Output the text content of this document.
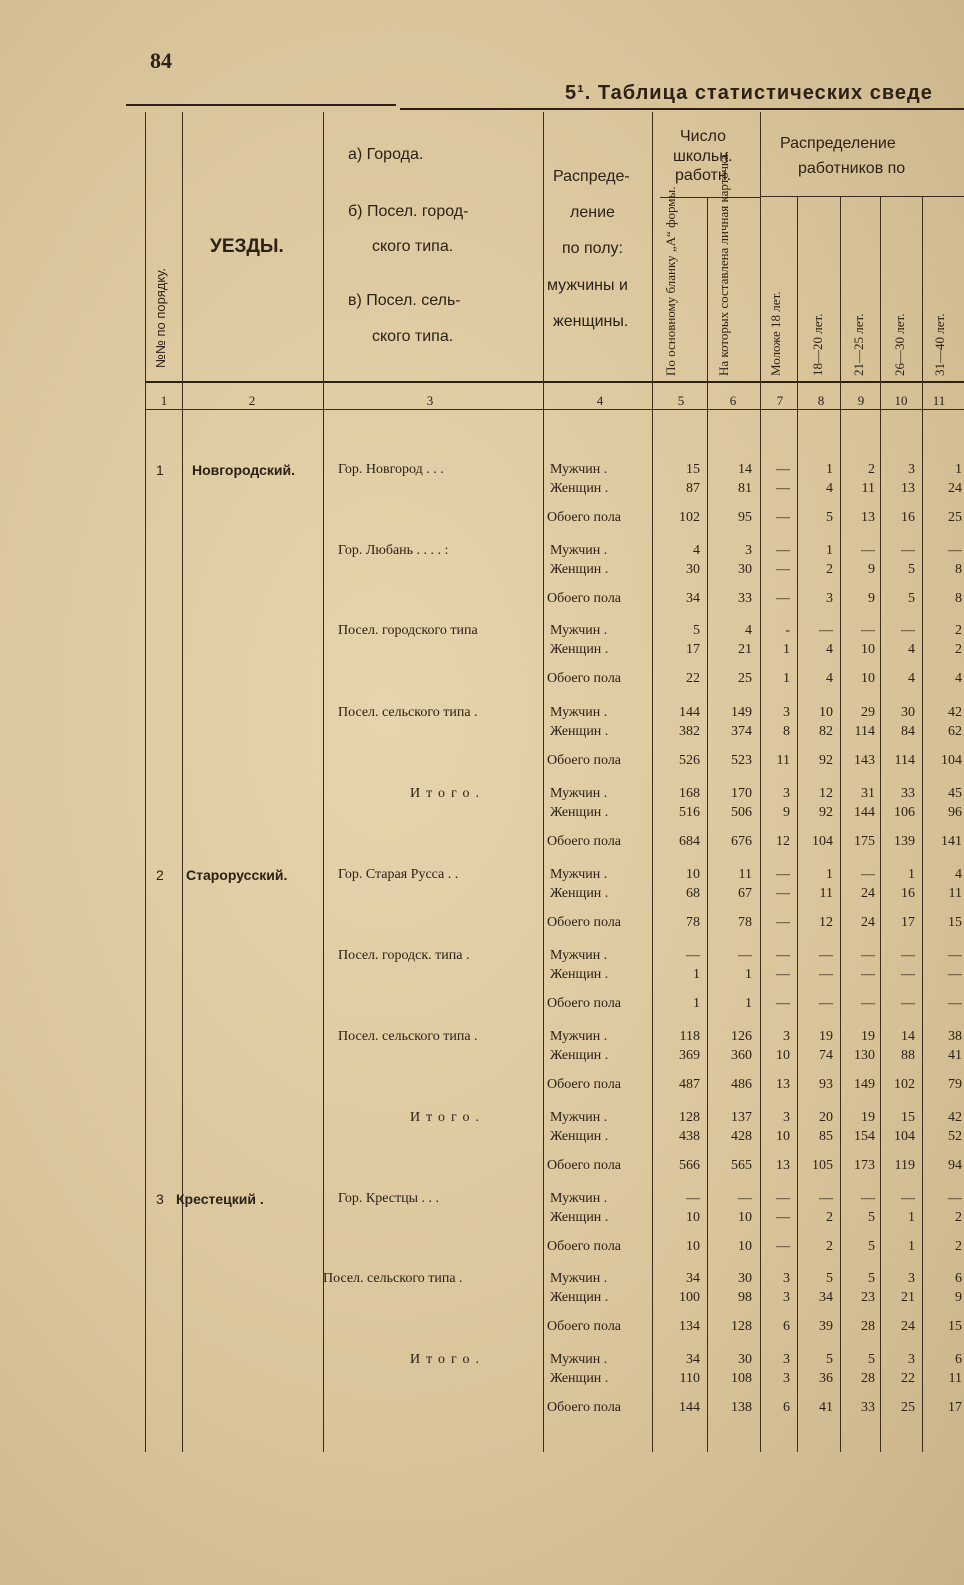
84
5¹. Таблица статистических сведе
№№ по порядку.
УЕЗДЫ.
а) Города.
б) Посел. город-
ского типа.
в) Посел. сель-
ского типа.
Распреде-
ление
по полу:
мужчины и
женщины.
Число
школьн.
работн.
По основному бланку „А“ формы.	На которых составлена личная карточка.
Распределение
работников по
Моложе 18 лет. 18—20 лет. 21—25 лет. 26—30 лет. 31—40 лет.
1	2	3	4	5	6	7	8	9	10	11
1 Новгородский.	Гор. Новгород . . .	Мужчин .	15	14	—	1	2	3	1
Женщин .	87	81	—	4	11	13	24
Обоего пола	102	95	—	5	13	16	25
Гор. Любань . . . . :	Мужчин .	4	3	—	1	—	—	—
Женщин .	30	30	—	2	9	5	8
Обоего пола	34	33	—	3	9	5	8
Посел. городского типа	Мужчин .	5	4	-	—	—	—	2
Женщин .	17	21	1	4	10	4	2
Обоего пола	22	25	1	4	10	4	4
Посел. сельского типа .	Мужчин .	144	149	3	10	29	30	42
Женщин .	382	374	8	82	114	84	62
Обоего пола	526	523	11	92	143	114	104
Итого.	Мужчин .	168	170	3	12	31	33	45
Женщин .	516	506	9	92	144	106	96
Обоего пола	684	676	12	104	175	139	141
2 Старорусский.	Гор. Старая Русса . .	Мужчин .	10	11	—	1	—	1	4
Женщин .	68	67	—	11	24	16	11
Обоего пола	78	78	—	12	24	17	15
Посел. городск. типа .	Мужчин .	—	—	—	—	—	—	—
Женщин .	1	1	—	—	—	—	—
Обоего пола	1	1	—	—	—	—	—
Посел. сельского типа .	Мужчин .	118	126	3	19	19	14	38
Женщин .	369	360	10	74	130	88	41
Обоего пола	487	486	13	93	149	102	79
Итого.	Мужчин .	128	137	3	20	19	15	42
Женщин .	438	428	10	85	154	104	52
Обоего пола	566	565	13	105	173	119	94
3 Крестецкий .	Гор. Крестцы . . .	Мужчин .	—	—	—	—	—	—	—
Женщин .	10	10	—	2	5	1	2
Обоего пола	10	10	—	2	5	1	2
Посел. сельского типа .	Мужчин .	34	30	3	5	5	3	6
Женщин .	100	98	3	34	23	21	9
Обоего пола	134	128	6	39	28	24	15
Итого.	Мужчин .	34	30	3	5	5	3	6
Женщин .	110	108	3	36	28	22	11
Обоего пола	144	138	6	41	33	25	17
